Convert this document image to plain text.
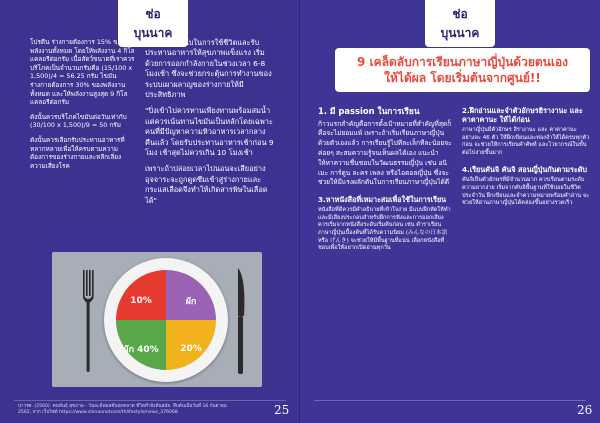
ช่อบุนนาค

โปรตีน ร่างกายต้องการ 15% ของพลังงานทั้งหมด โดยให้พลังงาน 4 กิโลแคลอรีต่อกรัม เนื้อสัตว์ขนาดที่เราควรบริโภคเป็นจำนวนกรัมคือ (15/100 x 1,500)/4 = 56.25 กรัม ไขมัน ร่างกายต้องการ 30% ของพลังงานทั้งหมด และให้พลังงานสูงสุด 9 กิโลแคลอรีต่อกรัม

ดังนั้นควรบริโภคไขมันต่อวันเท่ากับ (30/100 x 1,500)/9 = 50 กรัม

ดังนั้นควรเลือกรับประทานอาหารที่หลากหลายเพื่อให้ครบตามความต้องการของร่างกายและหลีกเลี่ยงความเสี่ยงโรค

ส่วนเหลือไม่นับในการใช้ชีวิตและรับประทานอาหารให้สุขภาพแข็งแรง เริ่มด้วยการออกกำลังกายในช่วงเวลา 6-8 โมงเช้า ซึ่งจะช่วยกระตุ้นการทำงานของระบบเผาผลาญของร่างกายให้มีประสิทธิภาพ

"ปิ่งเข้าไปควรทานเพียงทานพร้อมสมน้ำแต่ควรเน้นทานไขมันเป็นหลักโดยเฉพาะคนที่มีปัญหาความหิวอาหารเวลากลางคืนแล้ว โดยรับประทานอาหารเช้าก่อน 9 โมง เช้าสุดไม่ควรเกิน 10 โมงเช้า

เพราะถ้าปล่อยเวลาไปนอนจะเสียอย่างอุจจาระจะถูกดูดซึมเข้าสู่ร่างกายและกระแสเลือดจึงทำให้เกิดสารพิษในเลือดได้"

10%	ผัก
ผัก 40% 20%
ปาวรศ. (2560). คนพันธุ์ สุขภาพ - วันละมีฟอลชั่นทุกตลาด ชีวิตทำยังทันสมัย. สืบค้นเมื่อวันที่ 16 กันยายน 2562, จาก เว็บไซต์ https://www.shinaonotcom/thlifestyle/news_376068	25
ช่อบุนนาค
9 เคล็ดลับการเรียนภาษาญี่ปุ่นด้วยตนเอง
ให้ได้ผล โดยเริ่มต้นจากศูนย์!!
1. มี passion ในการเรียน

ก้าวแรกสำคัญคือการตั้งเป้าหมายที่สำคัญที่สุดก็คือจะไม่ยอมแพ้ เพราะถ้าเริ่มเรียนภาษาญี่ปุ่นด้วยตัวเองแล้ว การเรียนรู้ไปทีละเล็กทีละน้อยจะค่อยๆ สะสมความรู้จนเห็นผลได้เอง แนะนำให้หาความชื่นชอบในวัฒนธรรมญี่ปุ่น เช่น อนิเมะ การ์ตูน ละคร เพลง หรือไอดอลญี่ปุ่น ซึ่งจะช่วยให้มีแรงผลักดันในการเรียนภาษาญี่ปุ่นได้ดี

3.หาหนังสือที่เหมาะสมเพื่อใช้ในการเรียน

หนังสือที่ดีควรมีคำอธิบายที่เข้าใจง่าย มีแบบฝึกหัดให้ทำ และมีเสียงประกอบสำหรับฝึกการฟังและการออกเสียง ควรเริ่มจากหนังสือระดับเริ่มต้นก่อน เช่น ตำราเรียนภาษาญี่ปุ่นเบื้องต้นที่ได้รับความนิยม (みんなの日本語 หรือ げんき) จะช่วยให้มีพื้นฐานที่แน่น เลือกหนังสือที่ชอบเพื่อให้อยากเปิดอ่านทุกวัน

2.ฝึกอ่านและจำตัวอักษรฮิรางานะ และ คาตาคานะ ให้ได้ก่อน

ภาษาญี่ปุ่นมีตัวอักษร ฮิรางานะ และ คาตาคานะ อย่างละ 46 ตัว ให้ฝึกเขียนและท่องจำให้ได้ครบทุกตัวก่อน จะช่วยให้การเรียนคำศัพท์ และไวยากรณ์ในขั้นต่อไปง่ายขึ้นมาก

4.เรียนคันจิ คันจิ สอนญี่ปุ่นกันตามระดับ

คันจิเป็นตัวอักษรที่มีจำนวนมาก ควรเรียนตามระดับความยากง่าย เริ่มจากคันจิพื้นฐานที่ใช้บ่อยในชีวิตประจำวัน ฝึกเขียนและจำความหมายพร้อมคำอ่าน จะช่วยให้อ่านภาษาญี่ปุ่นได้คล่องขึ้นอย่างรวดเร็ว

26
